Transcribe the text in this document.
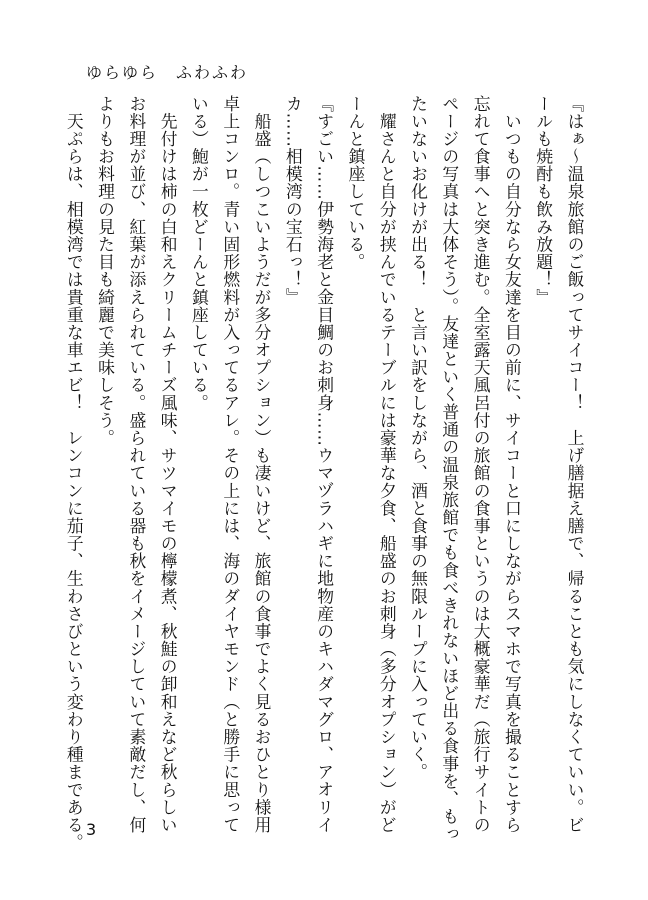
ゆらゆら　ふわふわ
『はぁ～温泉旅館のご飯ってサイコー！　上げ膳据え膳で、帰ることも気にしなくていい。ビ
ールも焼酎も飲み放題！』
　いつもの自分なら女友達を目の前に、サイコーと口にしながらスマホで写真を撮ることすら
忘れて食事へと突き進む。全室露天風呂付の旅館の食事というのは大概豪華だ（旅行サイトの
ページの写真は大体そう）。友達といく普通の温泉旅館でも食べきれないほど出る食事を、もっ
たいないお化けが出る！　と言い訳をしながら、酒と食事の無限ループに入っていく。
　耀さんと自分が挟んでいるテーブルには豪華な夕食、船盛のお刺身（多分オプション）がど
ーんと鎮座している。
『すごい……伊勢海老と金目鯛のお刺身……ウマヅラハギに地物産のキハダマグロ、アオリイ
カ……相模湾の宝石っ！』
　船盛（しつこいようだが多分オプション）も凄いけど、旅館の食事でよく見るおひとり様用
卓上コンロ。青い固形燃料が入ってるアレ。その上には、海のダイヤモンド（と勝手に思って
いる）鮑が一枚どーんと鎮座している。
　先付けは柿の白和えクリームチーズ風味、サツマイモの檸檬煮、秋鮭の卸和えなど秋らしい
お料理が並び、紅葉が添えられている。盛られている器も秋をイメージしていて素敵だし、何
よりもお料理の見た目も綺麗で美味しそう。
　天ぷらは、相模湾では貴重な車エビ！　レンコンに茄子、生わさびという変わり種まである。 3
